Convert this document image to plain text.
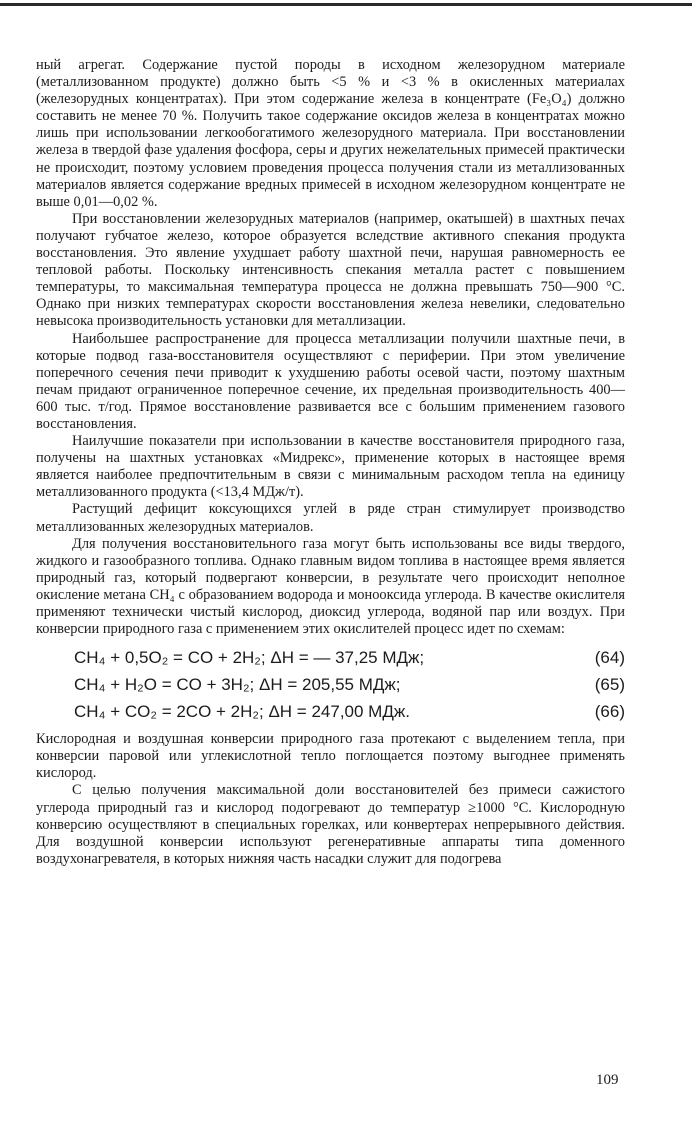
ный агрегат. Содержание пустой породы в исходном железорудном материале (металлизованном продукте) должно быть <5 % и <3 % в окисленных материалах (железорудных концентратах). При этом содержание железа в концентрате (Fe₃O₄) должно составить не менее 70 %. Получить такое содержание оксидов железа в концентратах можно лишь при использовании легкообогатимого железорудного материала. При восстановлении железа в твердой фазе удаления фосфора, серы и других нежелательных примесей практически не происходит, поэтому условием проведения процесса получения стали из металлизованных материалов является содержание вредных примесей в исходном железорудном концентрате не выше 0,01—0,02 %.

При восстановлении железорудных материалов (например, окатышей) в шахтных печах получают губчатое железо, которое образуется вследствие активного спекания продукта восстановления. Это явление ухудшает работу шахтной печи, нарушая равномерность ее тепловой работы. Поскольку интенсивность спекания металла растет с повышением температуры, то максимальная температура процесса не должна превышать 750—900 °С. Однако при низких температурах скорости восстановления железа невелики, следовательно невысока производительность установки для металлизации.

Наибольшее распространение для процесса металлизации получили шахтные печи, в которые подвод газа-восстановителя осуществляют с периферии. При этом увеличение поперечного сечения печи приводит к ухудшению работы осевой части, поэтому шахтным печам придают ограниченное поперечное сечение, их предельная производительность 400—600 тыс. т/год. Прямое восстановление развивается все с большим применением газового восстановления.

Наилучшие показатели при использовании в качестве восстановителя природного газа, получены на шахтных установках «Мидрекс», применение которых в настоящее время является наиболее предпочтительным в связи с минимальным расходом тепла на единицу металлизованного продукта (<13,4 МДж/т).

Растущий дефицит коксующихся углей в ряде стран стимулирует производство металлизованных железорудных материалов.

Для получения восстановительного газа могут быть использованы все виды твердого, жидкого и газообразного топлива. Однако главным видом топлива в настоящее время является природный газ, который подвергают конверсии, в результате чего происходит неполное окисление метана CH₄ с образованием водорода и монооксида углерода. В качестве окислителя применяют технически чистый кислород, диоксид углерода, водяной пар или воздух. При конверсии природного газа с применением этих окислителей процесс идет по схемам:

CH₄ + 0,5O₂ = CO + 2H₂; ΔH = — 37,25 МДж;	(64)
CH₄ + H₂O = CO + 3H₂; ΔH = 205,55 МДж;	(65)
CH₄ + CO₂ = 2CO + 2H₂; ΔH = 247,00 МДж.	(66)

Кислородная и воздушная конверсии природного газа протекают с выделением тепла, при конверсии паровой или углекислотной тепло поглощается поэтому выгоднее применять кислород.

С целью получения максимальной доли восстановителей без примеси сажистого углерода природный газ и кислород подогревают до температур ≥1000 °С. Кислородную конверсию осуществляют в специальных горелках, или конвертерах непрерывного действия. Для воздушной конверсии используют регенеративные аппараты типа доменного воздухонагревателя, в которых нижняя часть насадки служит для подогрева

109
